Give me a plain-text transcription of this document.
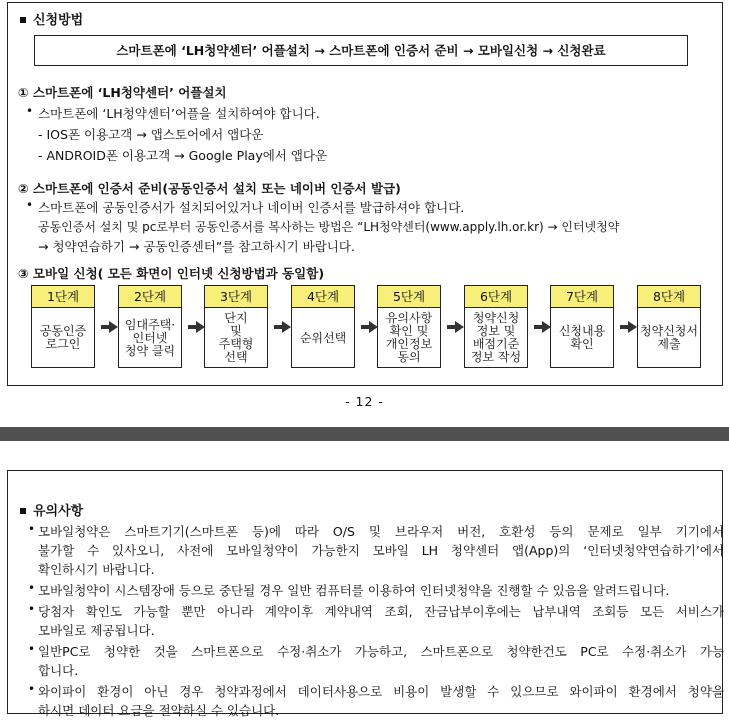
신청방법
스마트폰에 ‘LH청약센터’ 어플설치 → 스마트폰에 인증서 준비 → 모바일신청 → 신청완료
① 스마트폰에 ‘LH청약센터’ 어플설치
• 스마트폰에 ‘LH청약센터’어플을 설치하여야 합니다.
- IOS폰 이용고객 → 앱스토어에서 앱다운
- ANDROID폰 이용고객 → Google Play에서 앱다운
② 스마트폰에 인증서 준비(공동인증서 설치 또는 네이버 인증서 발급)
• 스마트폰에 공동인증서가 설치되어있거나 네이버 인증서를 발급하셔야 합니다.
공동인증서 설치 및 pc로부터 공동인증서를 복사하는 방법은 “LH청약센터(www.apply.lh.or.kr) → 인터넷청약
→ 청약연습하기 → 공동인증센터”를 참고하시기 바랍니다.
③ 모바일 신청( 모든 화면이 인터넷 신청방법과 동일함)
1단계
공동인증
로그인
2단계
임대주택·
인터넷
청약 클릭
3단계
단지
및
주택형
선택
4단계
순위선택
5단계
유의사항
확인 및
개인정보
동의
6단계
청약신청
정보 및
배점기준
정보 작성
7단계
신청내용
확인
8단계
청약신청서
제출
- 12 -
유의사항
• 모바일청약은 스마트기기(스마트폰 등)에 따라 O/S 및 브라우저 버전, 호환성 등의 문제로 일부 기기에서
불가할 수 있사오니, 사전에 모바일청약이 가능한지 모바일 LH 청약센터 앱(App)의 ‘인터넷청약연습하기’에서
확인하시기 바랍니다.
• 모바일청약이 시스템장애 등으로 중단될 경우 일반 컴퓨터를 이용하여 인터넷청약을 진행할 수 있음을 알려드립니다.
• 당첨자 확인도 가능할 뿐만 아니라 계약이후 계약내역 조회, 잔금납부이후에는 납부내역 조회등 모든 서비스가
모바일로 제공됩니다.
• 일반PC로 청약한 것을 스마트폰으로 수정·취소가 가능하고, 스마트폰으로 청약한건도 PC로 수정·취소가 가능
합니다.
• 와이파이 환경이 아닌 경우 청약과정에서 데이터사용으로 비용이 발생할 수 있으므로 와이파이 환경에서 청약을
하시면 데이터 요금을 절약하실 수 있습니다.
